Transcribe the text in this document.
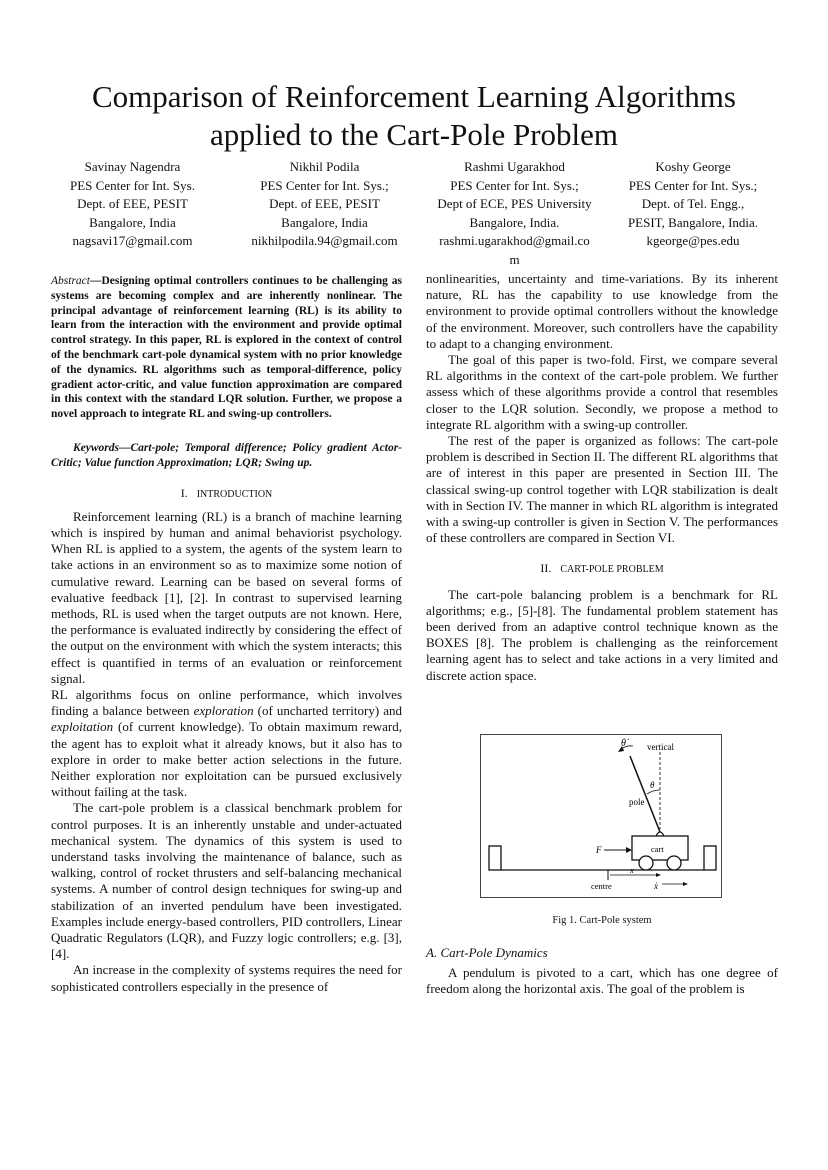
Comparison of Reinforcement Learning Algorithms
applied to the Cart-Pole Problem
Savinay Nagendra
PES Center for Int. Sys.
Dept. of EEE, PESIT
Bangalore, India
nagsavi17@gmail.com
Nikhil Podila
PES Center for Int. Sys.;
Dept. of EEE, PESIT
Bangalore, India
nikhilpodila.94@gmail.com
Rashmi Ugarakhod
PES Center for Int. Sys.;
Dept of ECE, PES University
Bangalore, India.
rashmi.ugarakhod@gmail.co
m
Koshy George
PES Center for Int. Sys.;
Dept. of Tel. Engg.,
PESIT, Bangalore, India.
kgeorge@pes.edu

Abstract—Designing optimal controllers continues to be challenging as systems are becoming complex and are inherently nonlinear. The principal advantage of reinforcement learning (RL) is its ability to learn from the interaction with the environment and provide optimal control strategy. In this paper, RL is explored in the context of control of the benchmark cart-pole dynamical system with no prior knowledge of the dynamics. RL algorithms such as temporal-difference, policy gradient actor-critic, and value function approximation are compared in this context with the standard LQR solution. Further, we propose a novel approach to integrate RL and swing-up controllers.

Keywords—Cart-pole; Temporal difference; Policy gradient Actor-Critic; Value function Approximation; LQR; Swing up.

I. INTRODUCTION

Reinforcement learning (RL) is a branch of machine learning which is inspired by human and animal behaviorist psychology. When RL is applied to a system, the agents of the system learn to take actions in an environment so as to maximize some notion of cumulative reward. Learning can be based on several forms of evaluative feedback [1], [2]. In contrast to supervised learning methods, RL is used when the target outputs are not known. Here, the performance is evaluated indirectly by considering the effect of the output on the environment with which the system interacts; this effect is quantified in terms of an evaluation or reinforcement signal.

RL algorithms focus on online performance, which involves finding a balance between exploration (of uncharted territory) and exploitation (of current knowledge). To obtain maximum reward, the agent has to exploit what it already knows, but it also has to explore in order to make better action selections in the future. Neither exploration nor exploitation can be pursued exclusively without failing at the task.

The cart-pole problem is a classical benchmark problem for control purposes. It is an inherently unstable and under-actuated mechanical system. The dynamics of this system is used to understand tasks involving the maintenance of balance, such as walking, control of rocket thrusters and self-balancing mechanical systems. A number of control design techniques for swing-up and stabilization of an inverted pendulum have been investigated. Examples include energy-based controllers, PID controllers, Linear Quadratic Regulators (LQR), and Fuzzy logic controllers; e.g. [3], [4].

An increase in the complexity of systems requires the need for sophisticated controllers especially in the presence of

nonlinearities, uncertainty and time-variations. By its inherent nature, RL has the capability to use knowledge from the environment to provide optimal controllers without the knowledge of the environment. Moreover, such controllers have the capability to adapt to a changing environment.

The goal of this paper is two-fold. First, we compare several RL algorithms in the context of the cart-pole problem. We further assess which of these algorithms provide a control that resembles closer to the LQR solution. Secondly, we propose a method to integrate RL algorithm with a swing-up controller.

The rest of the paper is organized as follows: The cart-pole problem is described in Section II. The different RL algorithms that are of interest in this paper are presented in Section III. The classical swing-up control together with LQR stabilization is dealt with in Section IV. The manner in which RL algorithm is integrated with a swing-up controller is given in Section V. The performances of these controllers are compared in Section VI.

II. CART-POLE PROBLEM

The cart-pole balancing problem is a benchmark for RL algorithms; e.g., [5]-[8]. The fundamental problem statement has been derived from an adaptive control technique known as the BOXES [8]. The problem is challenging as the reinforcement learning agent has to select and take actions in a very limited and discrete action space.

θ̇	vertical
θ
pole
cart
F
x
ẋ
centre
Fig 1. Cart-Pole system

A. Cart-Pole Dynamics

A pendulum is pivoted to a cart, which has one degree of freedom along the horizontal axis. The goal of the problem is
